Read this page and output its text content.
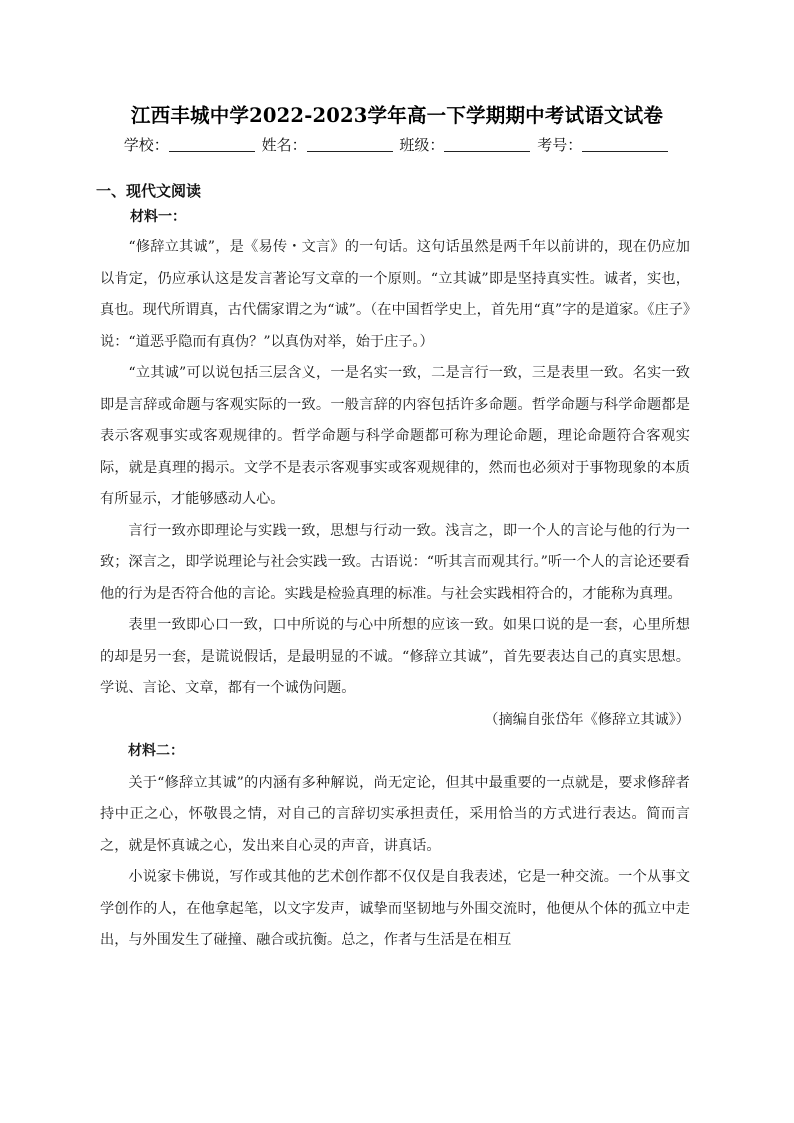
江西丰城中学2022-2023学年高一下学期期中考试语文试卷
学校：	姓名：	班级：	考号：
一、现代文阅读
材料一：

“修辞立其诚”，是《易传・文言》的一句话。这句话虽然是两千年以前讲的，现在仍应加以肯定，仍应承认这是发言著论写文章的一个原则。“立其诚”即是坚持真实性。诚者，实也，真也。现代所谓真，古代儒家谓之为“诚”。（在中国哲学史上，首先用“真”字的是道家。《庄子》说：“道恶乎隐而有真伪？”以真伪对举，始于庄子。）

“立其诚”可以说包括三层含义，一是名实一致，二是言行一致，三是表里一致。名实一致即是言辞或命题与客观实际的一致。一般言辞的内容包括许多命题。哲学命题与科学命题都是表示客观事实或客观规律的。哲学命题与科学命题都可称为理论命题，理论命题符合客观实际，就是真理的揭示。文学不是表示客观事实或客观规律的，然而也必须对于事物现象的本质有所显示，才能够感动人心。

言行一致亦即理论与实践一致，思想与行动一致。浅言之，即一个人的言论与他的行为一致；深言之，即学说理论与社会实践一致。古语说：“听其言而观其行。”听一个人的言论还要看他的行为是否符合他的言论。实践是检验真理的标准。与社会实践相符合的，才能称为真理。

表里一致即心口一致，口中所说的与心中所想的应该一致。如果口说的是一套，心里所想的却是另一套，是谎说假话，是最明显的不诚。“修辞立其诚”，首先要表达自己的真实思想。学说、言论、文章，都有一个诚伪问题。

（摘编自张岱年《修辞立其诚》）

材料二：

关于“修辞立其诚”的内涵有多种解说，尚无定论，但其中最重要的一点就是，要求修辞者持中正之心，怀敬畏之情，对自己的言辞切实承担责任，采用恰当的方式进行表达。简而言之，就是怀真诚之心，发出来自心灵的声音，讲真话。

小说家卡佛说，写作或其他的艺术创作都不仅仅是自我表述，它是一种交流。一个从事文学创作的人，在他拿起笔，以文字发声，诚挚而坚韧地与外围交流时，他便从个体的孤立中走出，与外围发生了碰撞、融合或抗衡。总之，作者与生活是在相互
